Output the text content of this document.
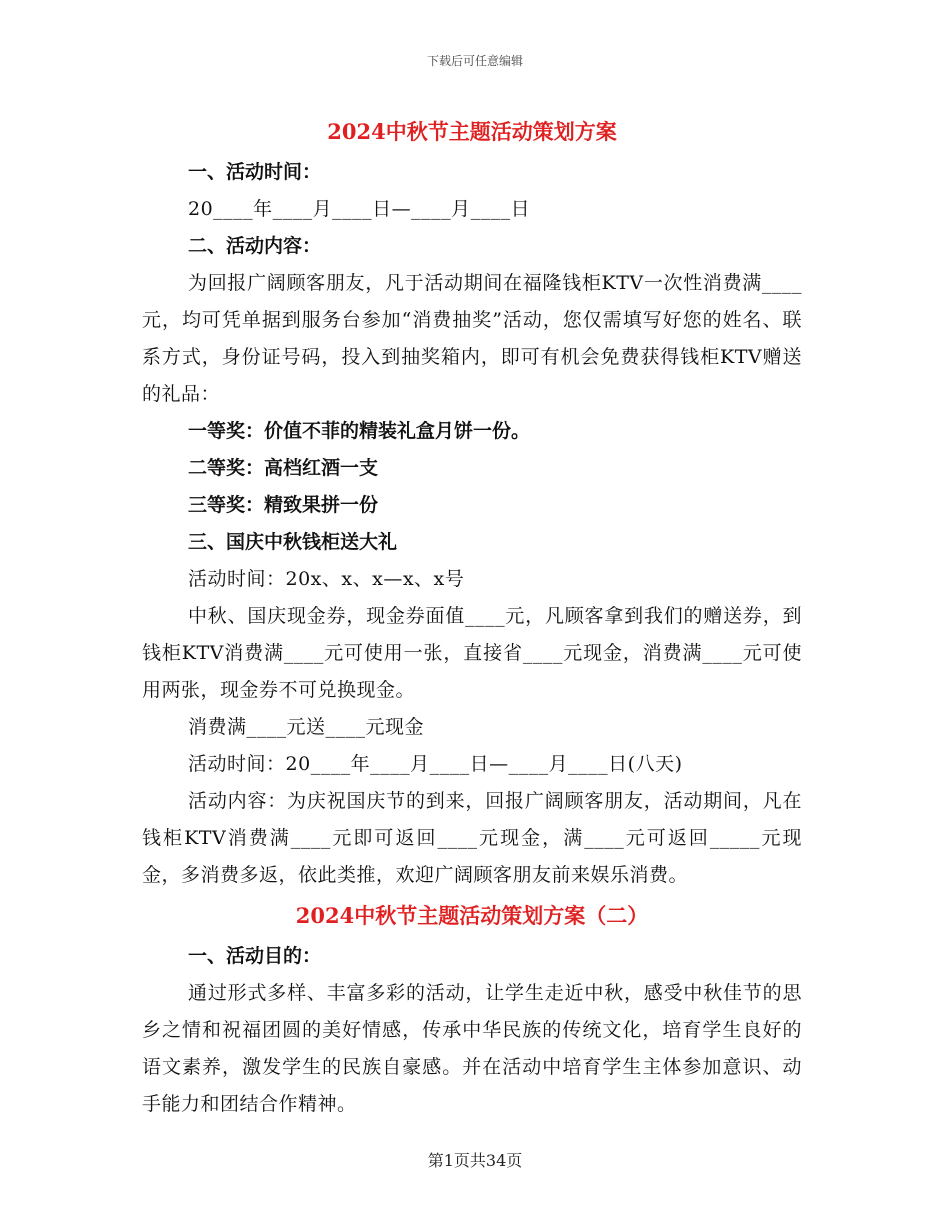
下载后可任意编辑
2024中秋节主题活动策划方案
一、活动时间：

20____年____月____日—____月____日

二、活动内容：

为回报广阔顾客朋友，凡于活动期间在福隆钱柜KTV一次性消费满____元，均可凭单据到服务台参加“消费抽奖”活动，您仅需填写好您的姓名、联系方式，身份证号码，投入到抽奖箱内，即可有机会免费获得钱柜KTV赠送的礼品：

一等奖：价值不菲的精装礼盒月饼一份。
二等奖：高档红酒一支
三等奖：精致果拼一份
三、国庆中秋钱柜送大礼

活动时间：20x、x、x—x、x号

中秋、国庆现金券，现金券面值____元，凡顾客拿到我们的赠送券，到钱柜KTV消费满____元可使用一张，直接省____元现金，消费满____元可使用两张，现金券不可兑换现金。

消费满____元送____元现金

活动时间：20____年____月____日—____月____日(八天)

活动内容：为庆祝国庆节的到来，回报广阔顾客朋友，活动期间，凡在钱柜KTV消费满____元即可返回____元现金，满____元可返回_____元现金，多消费多返，依此类推，欢迎广阔顾客朋友前来娱乐消费。

2024中秋节主题活动策划方案（二）
一、活动目的：

通过形式多样、丰富多彩的活动，让学生走近中秋，感受中秋佳节的思乡之情和祝福团圆的美好情感，传承中华民族的传统文化，培育学生良好的语文素养，激发学生的民族自豪感。并在活动中培育学生主体参加意识、动手能力和团结合作精神。

第1页共34页
